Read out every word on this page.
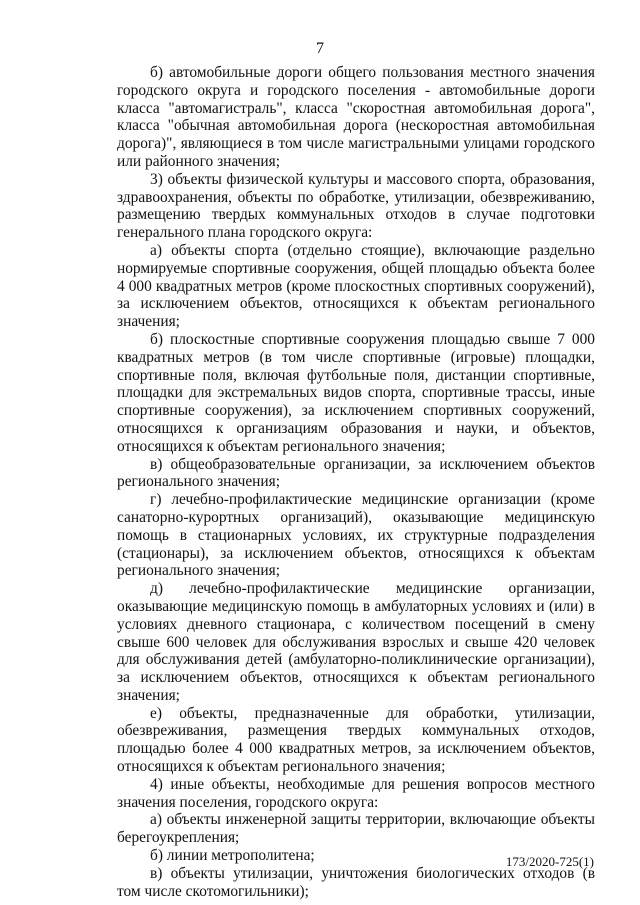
7

б) автомобильные дороги общего пользования местного значения городского округа и городского поселения - автомобильные дороги класса "автомагистраль", класса "скоростная автомобильная дорога", класса "обычная автомобильная дорога (нескоростная автомобильная дорога)", являющиеся в том числе магистральными улицами городского или районного значения;

3) объекты физической культуры и массового спорта, образования, здравоохранения, объекты по обработке, утилизации, обезвреживанию, размещению твердых коммунальных отходов в случае подготовки генерального плана городского округа:

а) объекты спорта (отдельно стоящие), включающие раздельно нормируемые спортивные сооружения, общей площадью объекта более 4 000 квадратных метров (кроме плоскостных спортивных сооружений), за исключением объектов, относящихся к объектам регионального значения;

б) плоскостные спортивные сооружения площадью свыше 7 000 квадратных метров (в том числе спортивные (игровые) площадки, спортивные поля, включая футбольные поля, дистанции спортивные, площадки для экстремальных видов спорта, спортивные трассы, иные спортивные сооружения), за исключением спортивных сооружений, относящихся к организациям образования и науки, и объектов, относящихся к объектам регионального значения;

в) общеобразовательные организации, за исключением объектов регионального значения;

г) лечебно-профилактические медицинские организации (кроме санаторно-курортных организаций), оказывающие медицинскую помощь в стационарных условиях, их структурные подразделения (стационары), за исключением объектов, относящихся к объектам регионального значения;

д) лечебно-профилактические медицинские организации, оказывающие медицинскую помощь в амбулаторных условиях и (или) в условиях дневного стационара, с количеством посещений в смену свыше 600 человек для обслуживания взрослых и свыше 420 человек для обслуживания детей (амбулаторно-поликлинические организации), за исключением объектов, относящихся к объектам регионального значения;

е) объекты, предназначенные для обработки, утилизации, обезвреживания, размещения твердых коммунальных отходов, площадью более 4 000 квадратных метров, за исключением объектов, относящихся к объектам регионального значения;

4) иные объекты, необходимые для решения вопросов местного значения поселения, городского округа:

а) объекты инженерной защиты территории, включающие объекты берегоукрепления;

б) линии метрополитена;

в) объекты утилизации, уничтожения биологических отходов (в том числе скотомогильники);

173/2020-725(1)
